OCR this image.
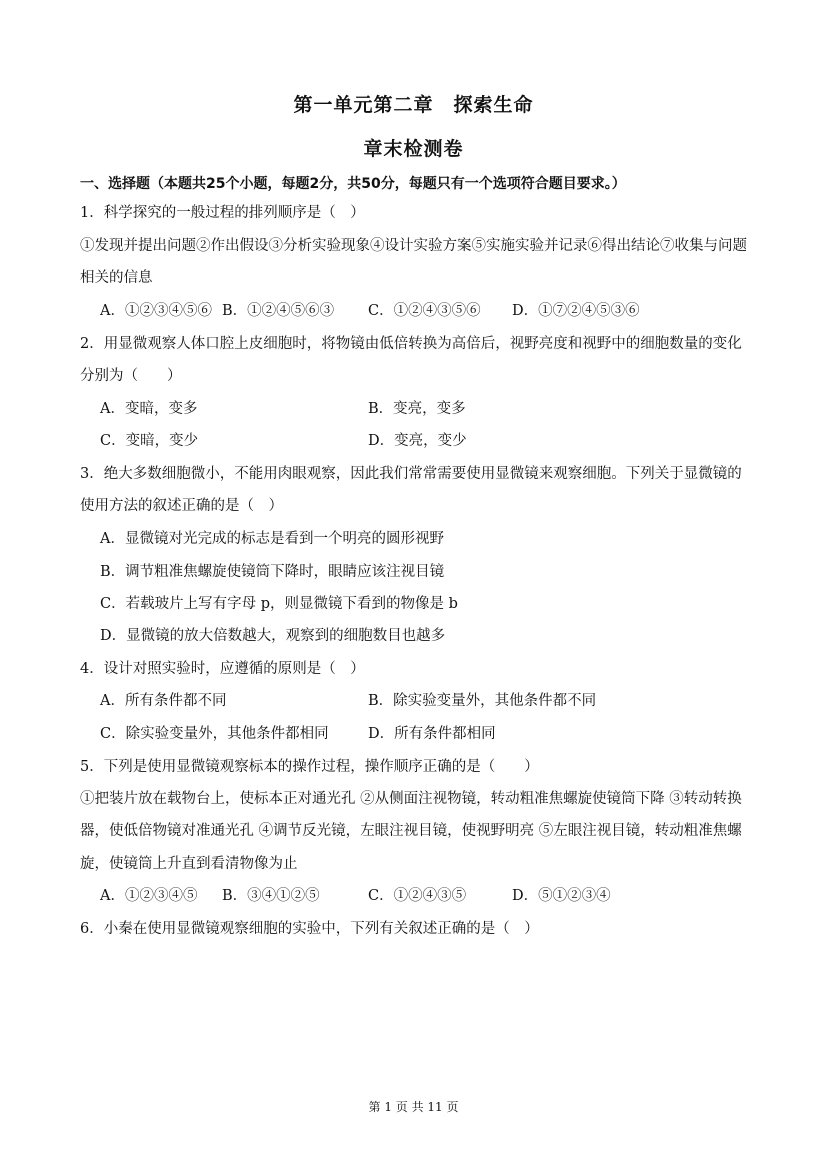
第一单元第二章　探索生命
章末检测卷
一、选择题（本题共25个小题，每题2分，共50分，每题只有一个选项符合题目要求。）
1．科学探究的一般过程的排列顺序是（　）
①发现并提出问题②作出假设③分析实验现象④设计实验方案⑤实施实验并记录⑥得出结论⑦收集与问题
相关的信息
A．①②③④⑤⑥ B．①②④⑤⑥③ C．①②④③⑤⑥ D．①⑦②④⑤③⑥
2．用显微观察人体口腔上皮细胞时，将物镜由低倍转换为高倍后，视野亮度和视野中的细胞数量的变化
分别为（　　）
A．变暗，变多	B．变亮，变多
C．变暗，变少	D．变亮，变少
3．绝大多数细胞微小，不能用肉眼观察，因此我们常常需要使用显微镜来观察细胞。下列关于显微镜的
使用方法的叙述正确的是（　）
A．显微镜对光完成的标志是看到一个明亮的圆形视野
B．调节粗准焦螺旋使镜筒下降时，眼睛应该注视目镜
C．若载玻片上写有字母 p，则显微镜下看到的物像是 b
D．显微镜的放大倍数越大，观察到的细胞数目也越多
4．设计对照实验时，应遵循的原则是（　）
A．所有条件都不同	B．除实验变量外，其他条件都不同
C．除实验变量外，其他条件都相同	D．所有条件都相同
5．下列是使用显微镜观察标本的操作过程，操作顺序正确的是（　　）
①把装片放在载物台上，使标本正对通光孔 ②从侧面注视物镜，转动粗准焦螺旋使镜筒下降 ③转动转换
器，使低倍物镜对准通光孔 ④调节反光镜，左眼注视目镜，使视野明亮 ⑤左眼注视目镜，转动粗准焦螺
旋，使镜筒上升直到看清物像为止
A．①②③④⑤ B．③④①②⑤	C．①②④③⑤	D．⑤①②③④
6．小秦在使用显微镜观察细胞的实验中，下列有关叙述正确的是（　）
第 1 页 共 11 页
